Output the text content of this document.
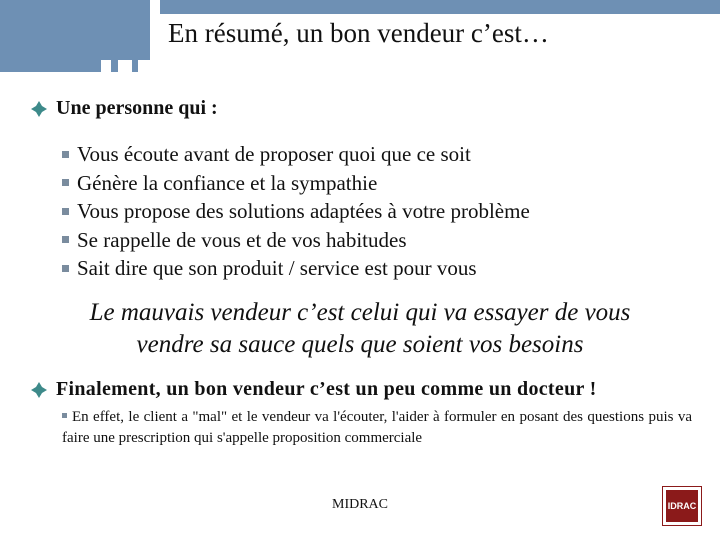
En résumé, un bon vendeur c’est…
Une personne qui :
Vous écoute avant de proposer quoi que ce soit
Génère la confiance et la sympathie
Vous propose des solutions adaptées à votre problème
Se rappelle de vous et de vos habitudes
Sait dire que son produit / service est pour vous
Le mauvais vendeur c’est celui qui va essayer de vous
vendre sa sauce quels que soient vos besoins
Finalement, un bon vendeur c’est un peu comme un docteur !
En effet, le client a "mal" et le vendeur va l'écouter, l'aider à formuler en posant des questions puis va faire une prescription qui s'appelle proposition commerciale
MIDRAC	IDRAC
